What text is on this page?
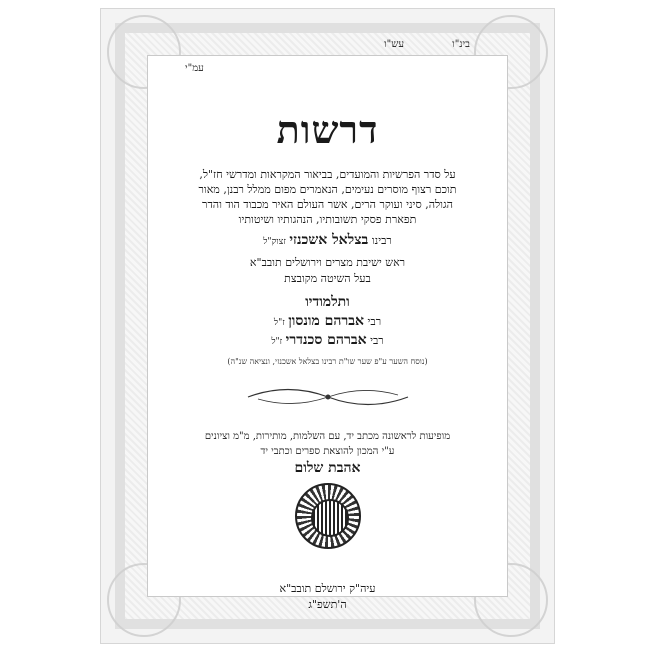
בינ"ו
עמ"י
עש"ו
דרשות
על סדר הפרשיות והמועדים, בביאור המקראות ומדרשי חז"ל,
תוכם רצוף מוסרים נעימים, הנאמרים מפום ממלל רבנן, מאור
הגולה, סיני ועוקר הרים, אשר העולם האיר מכבוד הוד והדר
תפארת פסקי תשובותיו, הנהגותיו ושיטותיו
רבינו בצלאל אשכנזי זצוק"ל
ראש ישיבת מצרים וירושלים תובב"א
בעל השיטה מקובצת
ותלמודיו
רבי אברהם מונסון ז"ל
רבי אברהם סכנדרי ז"ל
(נוסח השער ע"פ שער שו"ת רבינו בצלאל אשכנזי, ונציאה שנ"ה)
מופיעות לראשונה מכתב יד, עם השלמות, מותירות, מ"מ וציונים
ע"י המכון להוצאת ספרים וכתבי יד
אהבת שלום
עיה"ק ירושלם תובב"א
ה'תשפ"ג
